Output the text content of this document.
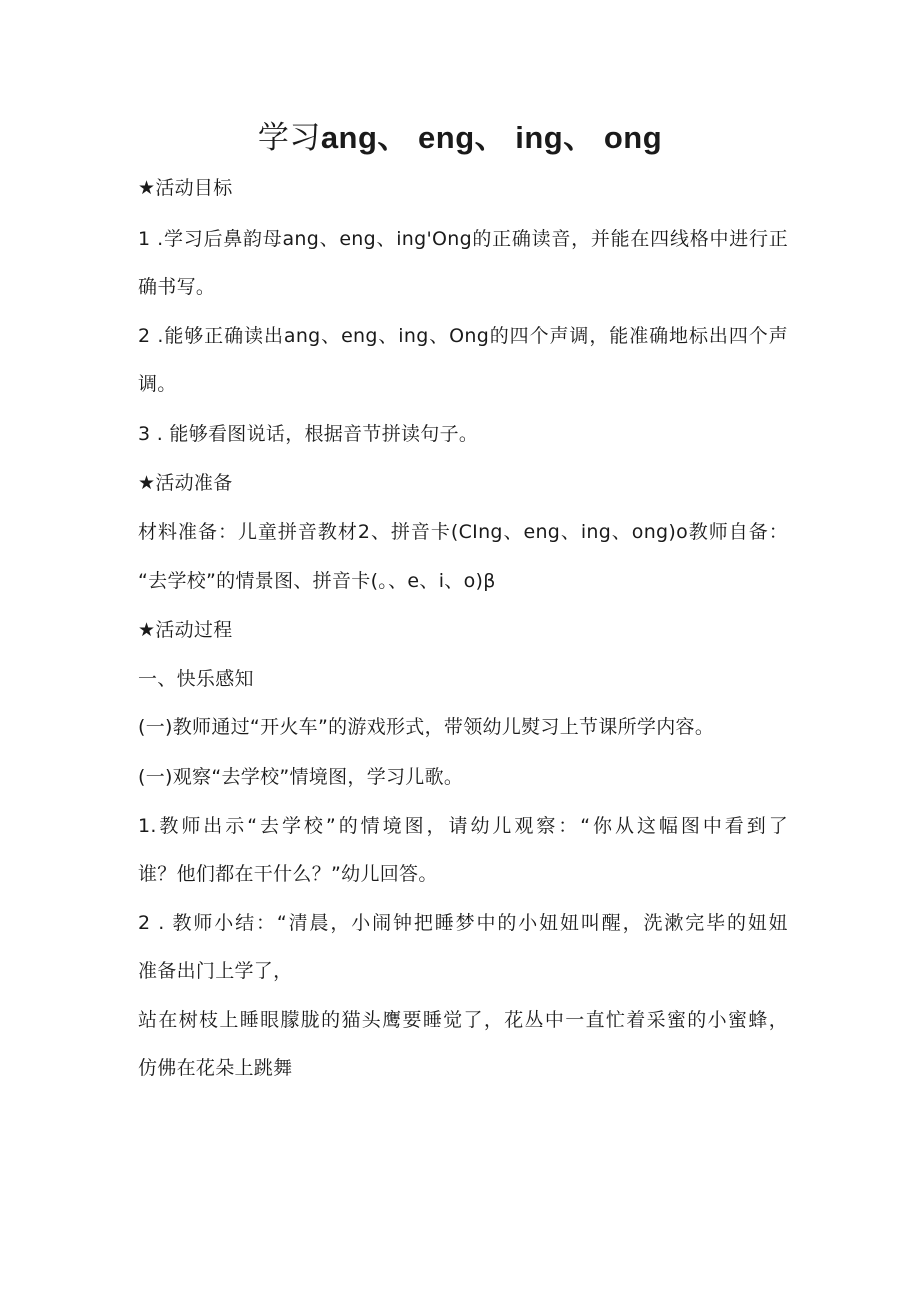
学习ang、 eng、 ing、 ong
★活动目标
1 .学习后鼻韵母ang、eng、ing'Ong的正确读音，并能在四线格中进行正
确书写。
2 .能够正确读出ang、eng、ing、Ong的四个声调，能准确地标出四个声
调。
3 . 能够看图说话，根据音节拼读句子。
★活动准备
材料准备：儿童拼音教材2、拼音卡(CIng、eng、ing、ong)o教师自备：
“去学校”的情景图、拼音卡(。、e、i、o)β
★活动过程
一、快乐感知
(一)教师通过“开火车”的游戏形式，带领幼儿熨习上节课所学内容。
(一)观察“去学校”情境图，学习儿歌。
1.教师出示“去学校”的情境图，请幼儿观察：“你从这幅图中看到了
谁？他们都在干什么？”幼儿回答。
2 . 教师小结：“清晨，小闹钟把睡梦中的小妞妞叫醒，洗漱完毕的妞妞
准备出门上学了，
站在树枝上睡眼朦胧的猫头鹰要睡觉了，花丛中一直忙着采蜜的小蜜蜂，
仿佛在花朵上跳舞
